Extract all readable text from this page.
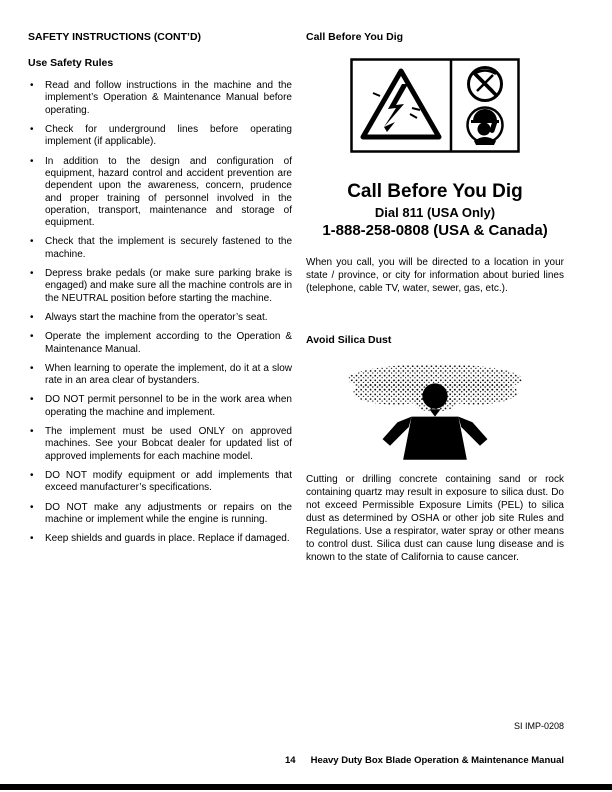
SAFETY INSTRUCTIONS (CONT’D)
Use Safety Rules
• Read and follow instructions in the machine and the implement’s Operation & Maintenance Manual before operating.
• Check for underground lines before operating implement (if applicable).
• In addition to the design and configuration of equipment, hazard control and accident prevention are dependent upon the awareness, concern, prudence and proper training of personnel involved in the operation, transport, maintenance and storage of equipment.
• Check that the implement is securely fastened to the machine.
• Depress brake pedals (or make sure parking brake is engaged) and make sure all the machine controls are in the NEUTRAL position before starting the machine.
• Always start the machine from the operator’s seat.
• Operate the implement according to the Operation & Maintenance Manual.
• When learning to operate the implement, do it at a slow rate in an area clear of bystanders.
• DO NOT permit personnel to be in the work area when operating the machine and implement.
• The implement must be used ONLY on approved machines. See your Bobcat dealer for updated list of approved implements for each machine model.
• DO NOT modify equipment or add implements that exceed manufacturer’s specifications.
• DO NOT make any adjustments or repairs on the machine or implement while the engine is running.
• Keep shields and guards in place. Replace if damaged.
Call Before You Dig
Call Before You Dig
Dial 811 (USA Only)
1-888-258-0808 (USA & Canada)

When you call, you will be directed to a location in your state / province, or city for information about buried lines (telephone, cable TV, water, sewer, gas, etc.).

Avoid Silica Dust

Cutting or drilling concrete containing sand or rock containing quartz may result in exposure to silica dust. Do not exceed Permissible Exposure Limits (PEL) to silica dust as determined by OSHA or other job site Rules and Regulations. Use a respirator, water spray or other means to control dust. Silica dust can cause lung disease and is known to the state of California to cause cancer.

SI IMP-0208
14 Heavy Duty Box Blade Operation & Maintenance Manual
